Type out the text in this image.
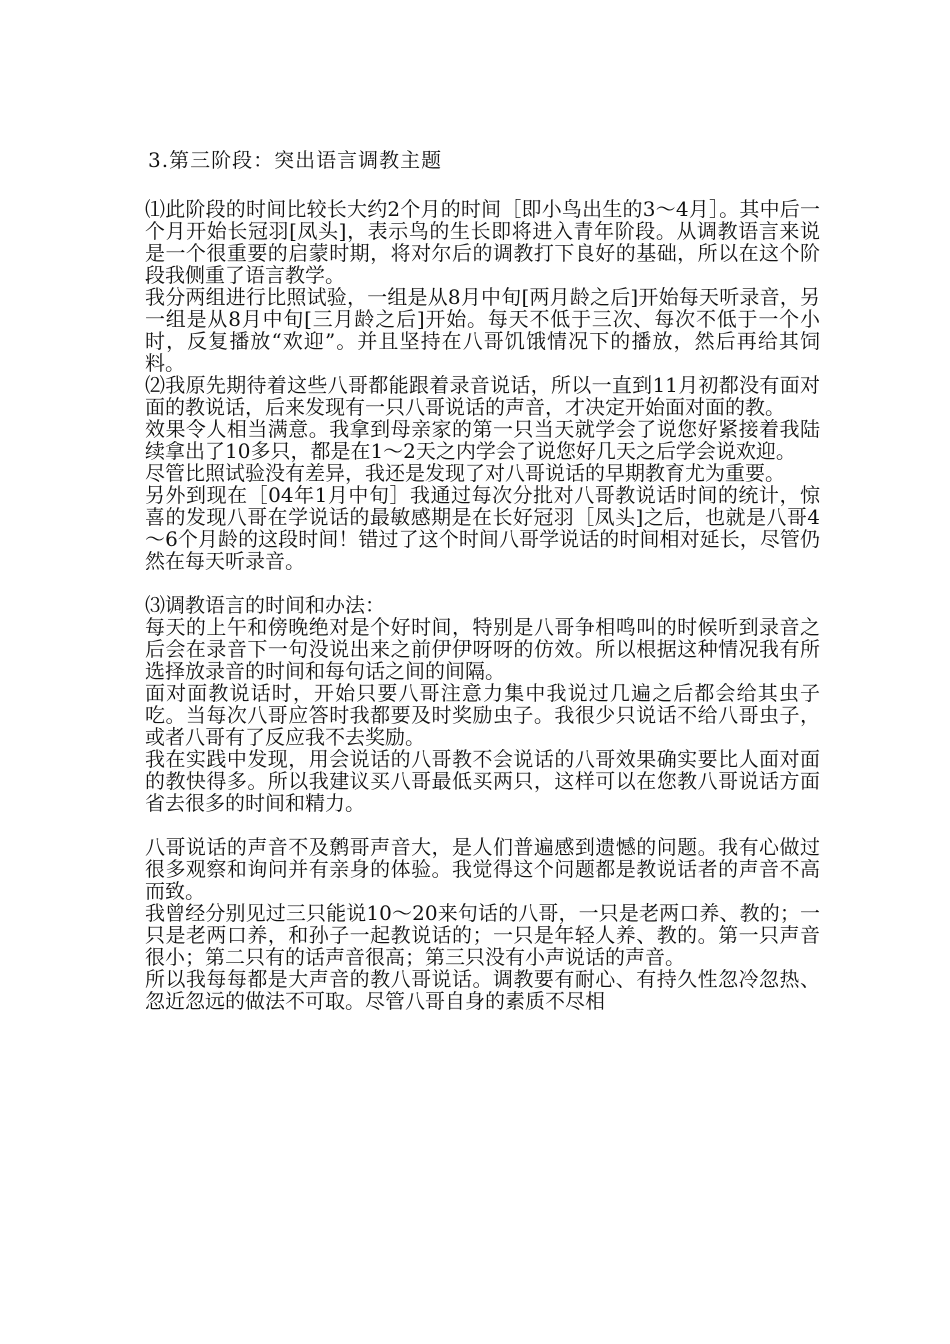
3.第三阶段：突出语言调教主题

⑴此阶段的时间比较长大约2个月的时间［即小鸟出生的3～4月］。其中后一个月开始长冠羽[凤头]，表示鸟的生长即将进入青年阶段。从调教语言来说是一个很重要的启蒙时期，将对尔后的调教打下良好的基础，所以在这个阶段我侧重了语言教学。

我分两组进行比照试验，一组是从8月中旬[两月龄之后]开始每天听录音，另一组是从8月中旬[三月龄之后]开始。每天不低于三次、每次不低于一个小时，反复播放“欢迎”。并且坚持在八哥饥饿情况下的播放，然后再给其饲料。

⑵我原先期待着这些八哥都能跟着录音说话，所以一直到11月初都没有面对面的教说话，后来发现有一只八哥说话的声音，才决定开始面对面的教。

效果令人相当满意。我拿到母亲家的第一只当天就学会了说您好紧接着我陆续拿出了10多只，都是在1～2天之内学会了说您好几天之后学会说欢迎。

尽管比照试验没有差异，我还是发现了对八哥说话的早期教育尤为重要。

另外到现在［04年1月中旬］我通过每次分批对八哥教说话时间的统计，惊喜的发现八哥在学说话的最敏感期是在长好冠羽［凤头]之后，也就是八哥4～6个月龄的这段时间！错过了这个时间八哥学说话的时间相对延长，尽管仍然在每天听录音。

⑶调教语言的时间和办法：

每天的上午和傍晚绝对是个好时间，特别是八哥争相鸣叫的时候听到录音之后会在录音下一句没说出来之前伊伊呀呀的仿效。所以根据这种情况我有所选择放录音的时间和每句话之间的间隔。

面对面教说话时，开始只要八哥注意力集中我说过几遍之后都会给其虫子吃。当每次八哥应答时我都要及时奖励虫子。我很少只说话不给八哥虫子，或者八哥有了反应我不去奖励。

我在实践中发现，用会说话的八哥教不会说话的八哥效果确实要比人面对面的教快得多。所以我建议买八哥最低买两只，这样可以在您教八哥说话方面省去很多的时间和精力。

八哥说话的声音不及鹩哥声音大，是人们普遍感到遗憾的问题。我有心做过很多观察和询问并有亲身的体验。我觉得这个问题都是教说话者的声音不高而致。

我曾经分别见过三只能说10～20来句话的八哥，一只是老两口养、教的；一只是老两口养，和孙子一起教说话的；一只是年轻人养、教的。第一只声音很小；第二只有的话声音很高；第三只没有小声说话的声音。

所以我每每都是大声音的教八哥说话。调教要有耐心、有持久性忽冷忽热、忽近忽远的做法不可取。尽管八哥自身的素质不尽相
